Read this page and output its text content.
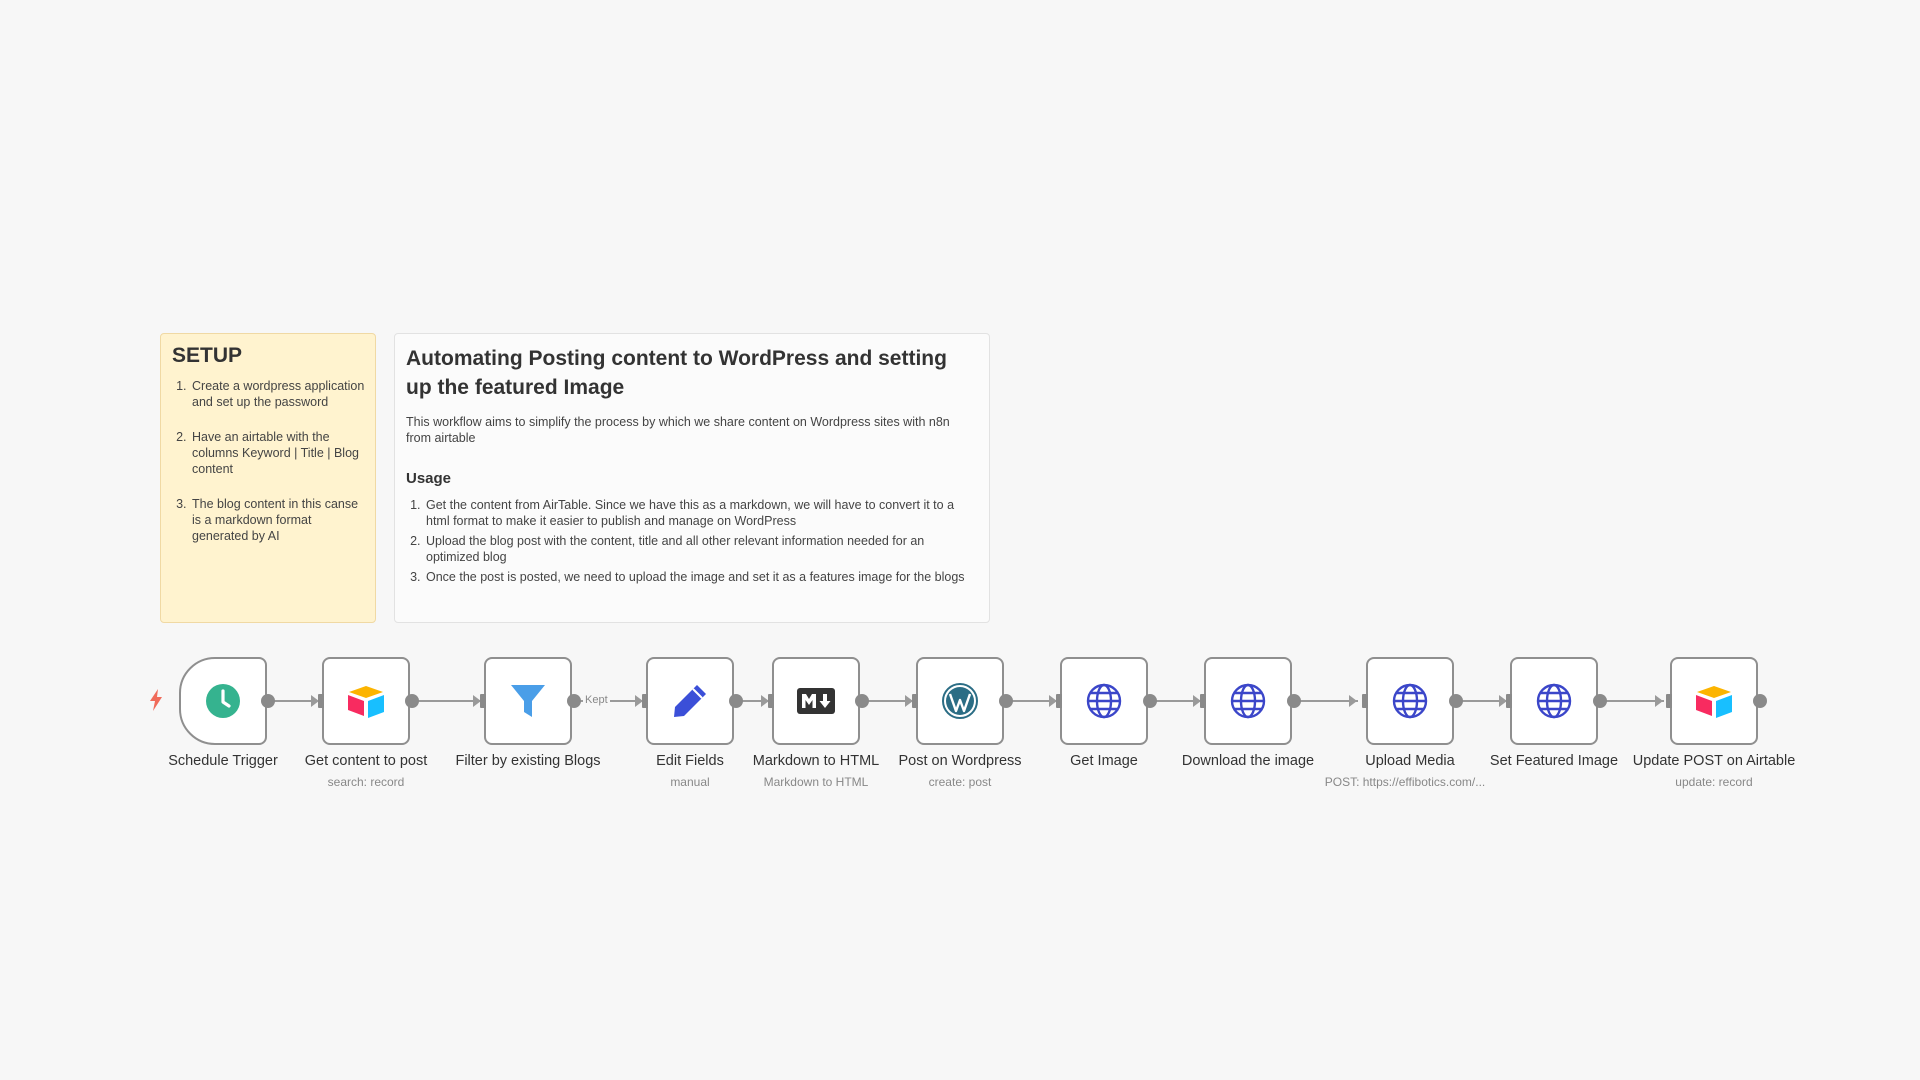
SETUP
1. Create a wordpress application and set up the password
2. Have an airtable with the columns Keyword | Title | Blog content
3. The blog content in this canse is a markdown format generated by AI
Automating Posting content to WordPress and setting up the featured Image

This workflow aims to simplify the process by which we share content on Wordpress sites with n8n from airtable

Usage
1. Get the content from AirTable. Since we have this as a markdown, we will have to convert it to a html format to make it easier to publish and manage on WordPress
2. Upload the blog post with the content, title and all other relevant information needed for an optimized blog
3. Once the post is posted, we need to upload the image and set it as a features image for the blogs
Kept
Schedule Trigger	Get content to post
search: record
Filter by existing Blogs	Edit Fields
manual
Markdown to HTML
Markdown to HTML
Post on Wordpress
create: post
Get Image	Download the image	Upload Media
POST: https://effibotics.com/...
Set Featured Image	Update POST on Airtable
update: record
